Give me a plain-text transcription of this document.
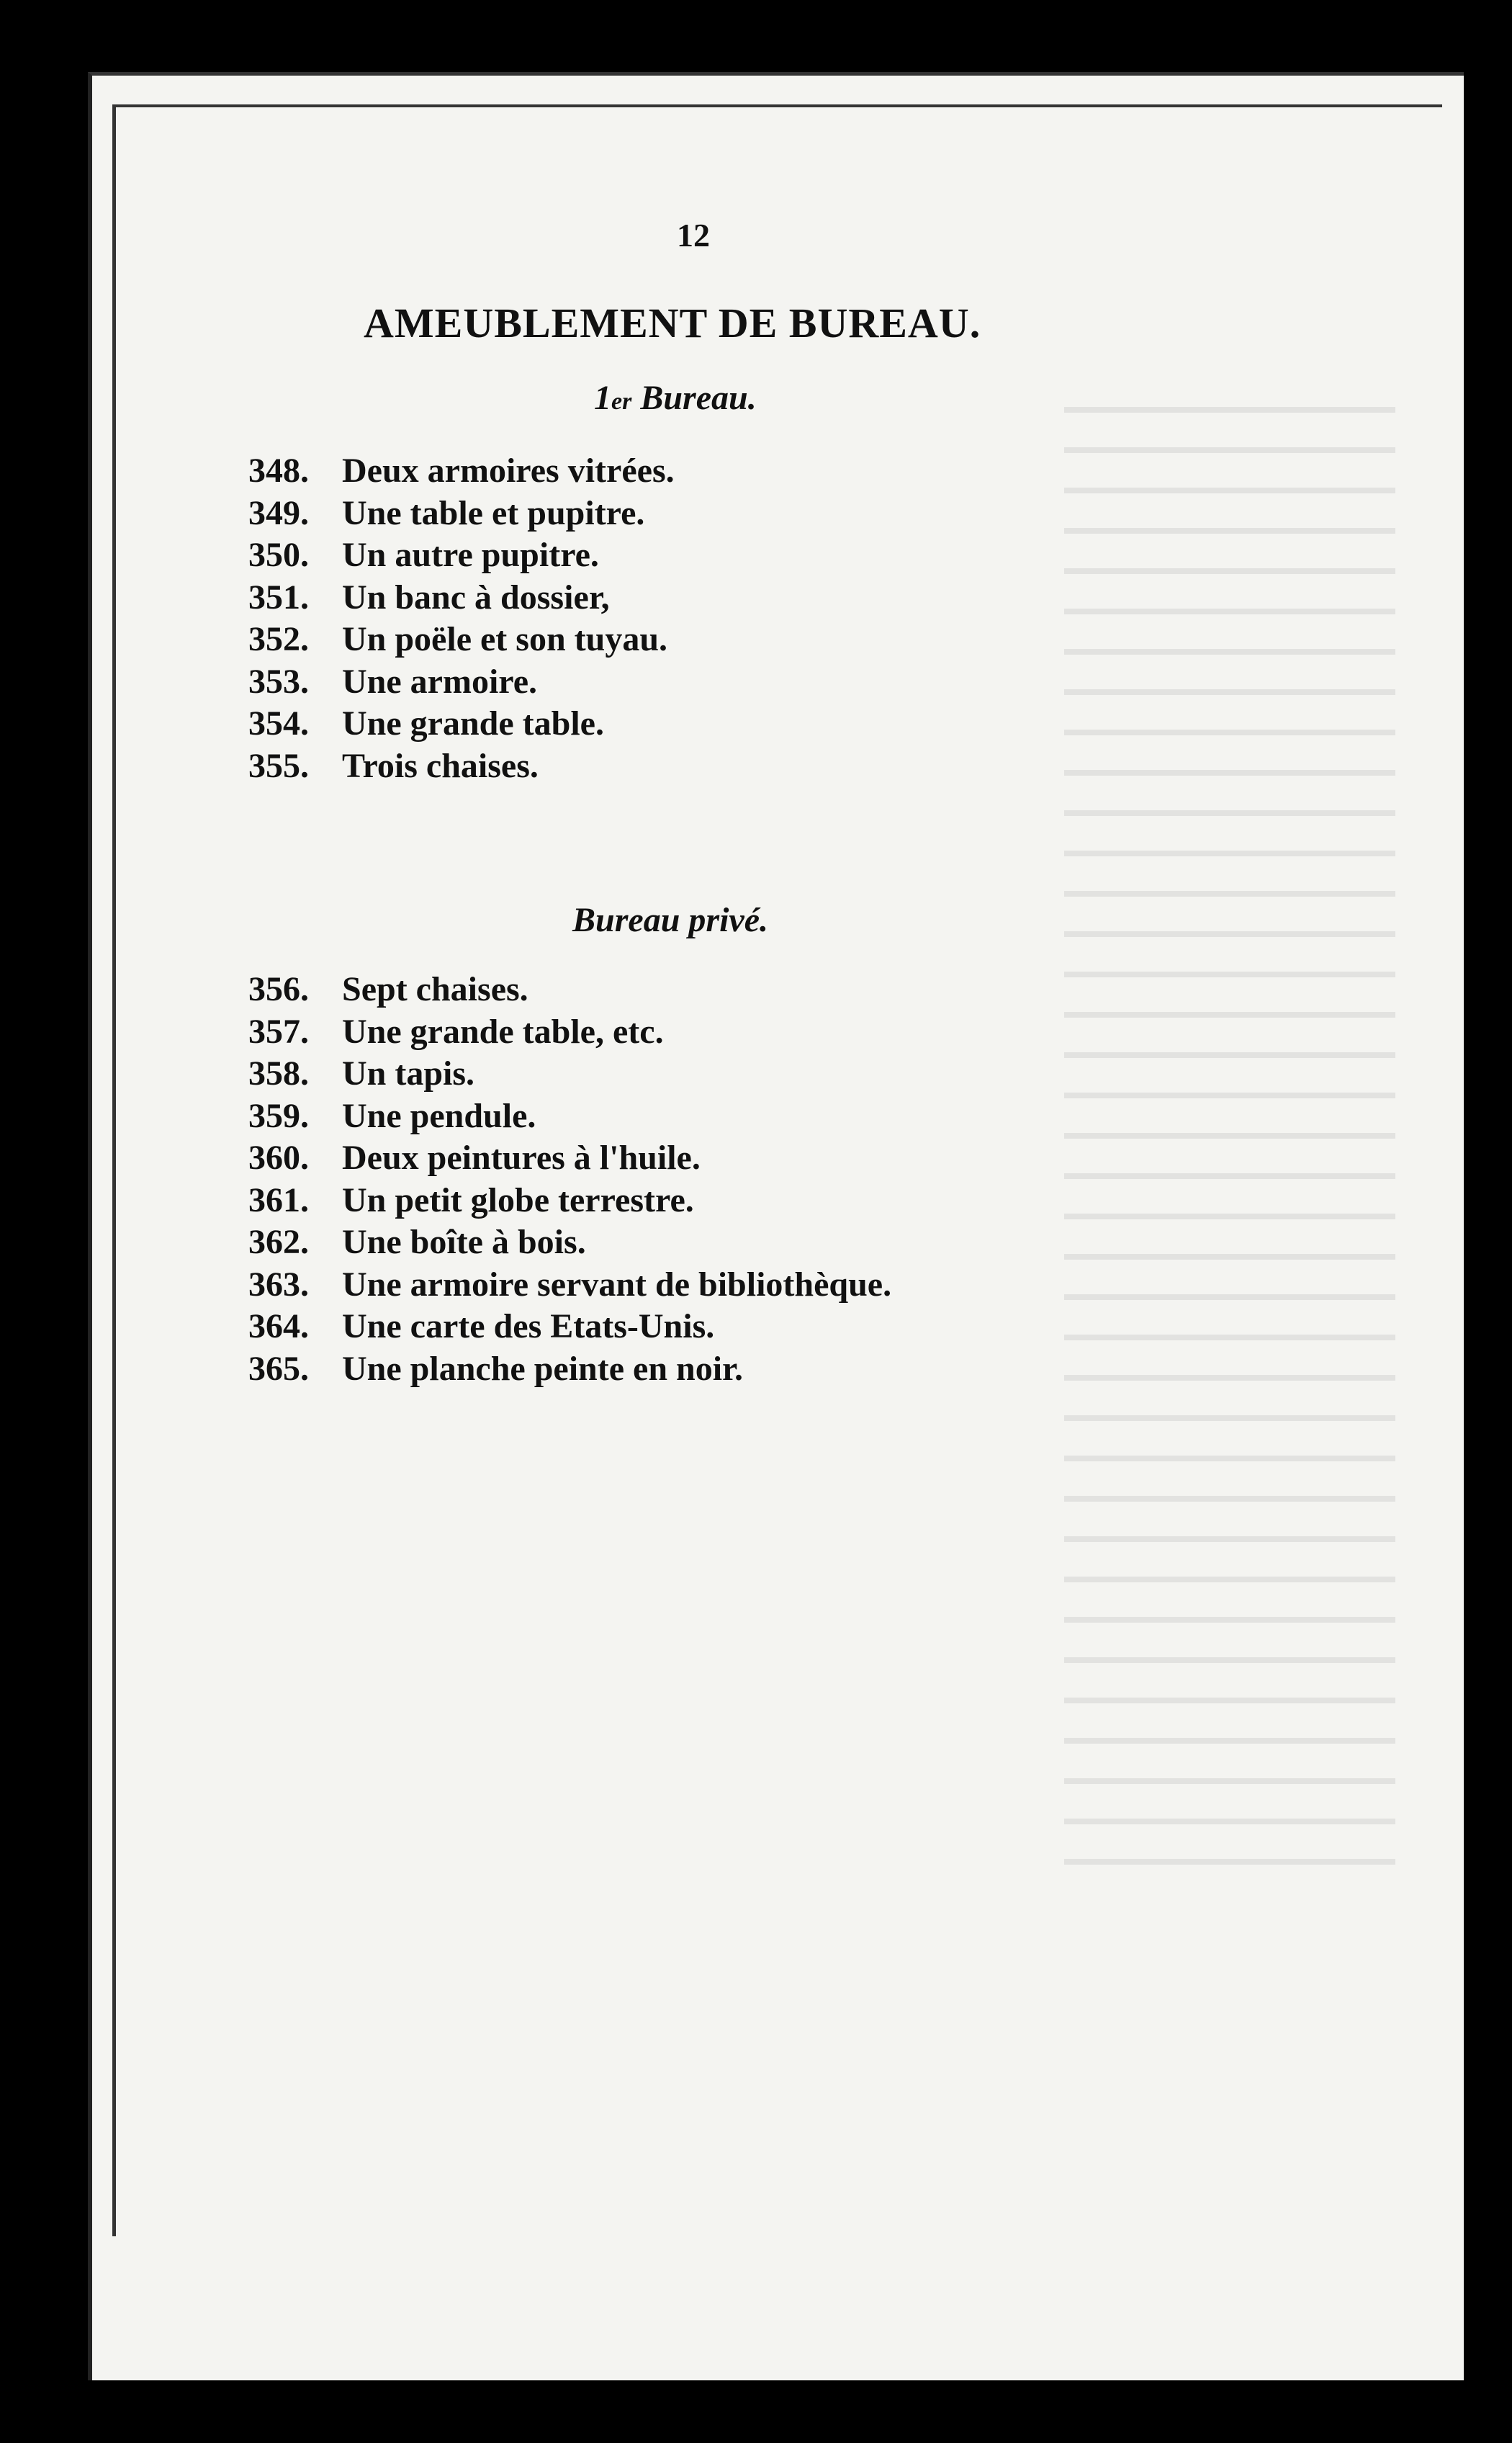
12
AMEUBLEMENT DE BUREAU.
1er Bureau.
348. Deux armoires vitrées.
349. Une table et pupitre.
350. Un autre pupitre.
351. Un banc à dossier,
352. Un poële et son tuyau.
353. Une armoire.
354. Une grande table.
355. Trois chaises.
Bureau privé.
356. Sept chaises.
357. Une grande table, etc.
358. Un tapis.
359. Une pendule.
360. Deux peintures à l'huile.
361. Un petit globe terrestre.
362. Une boîte à bois.
363. Une armoire servant de bibliothèque.
364. Une carte des Etats-Unis.
365. Une planche peinte en noir.
